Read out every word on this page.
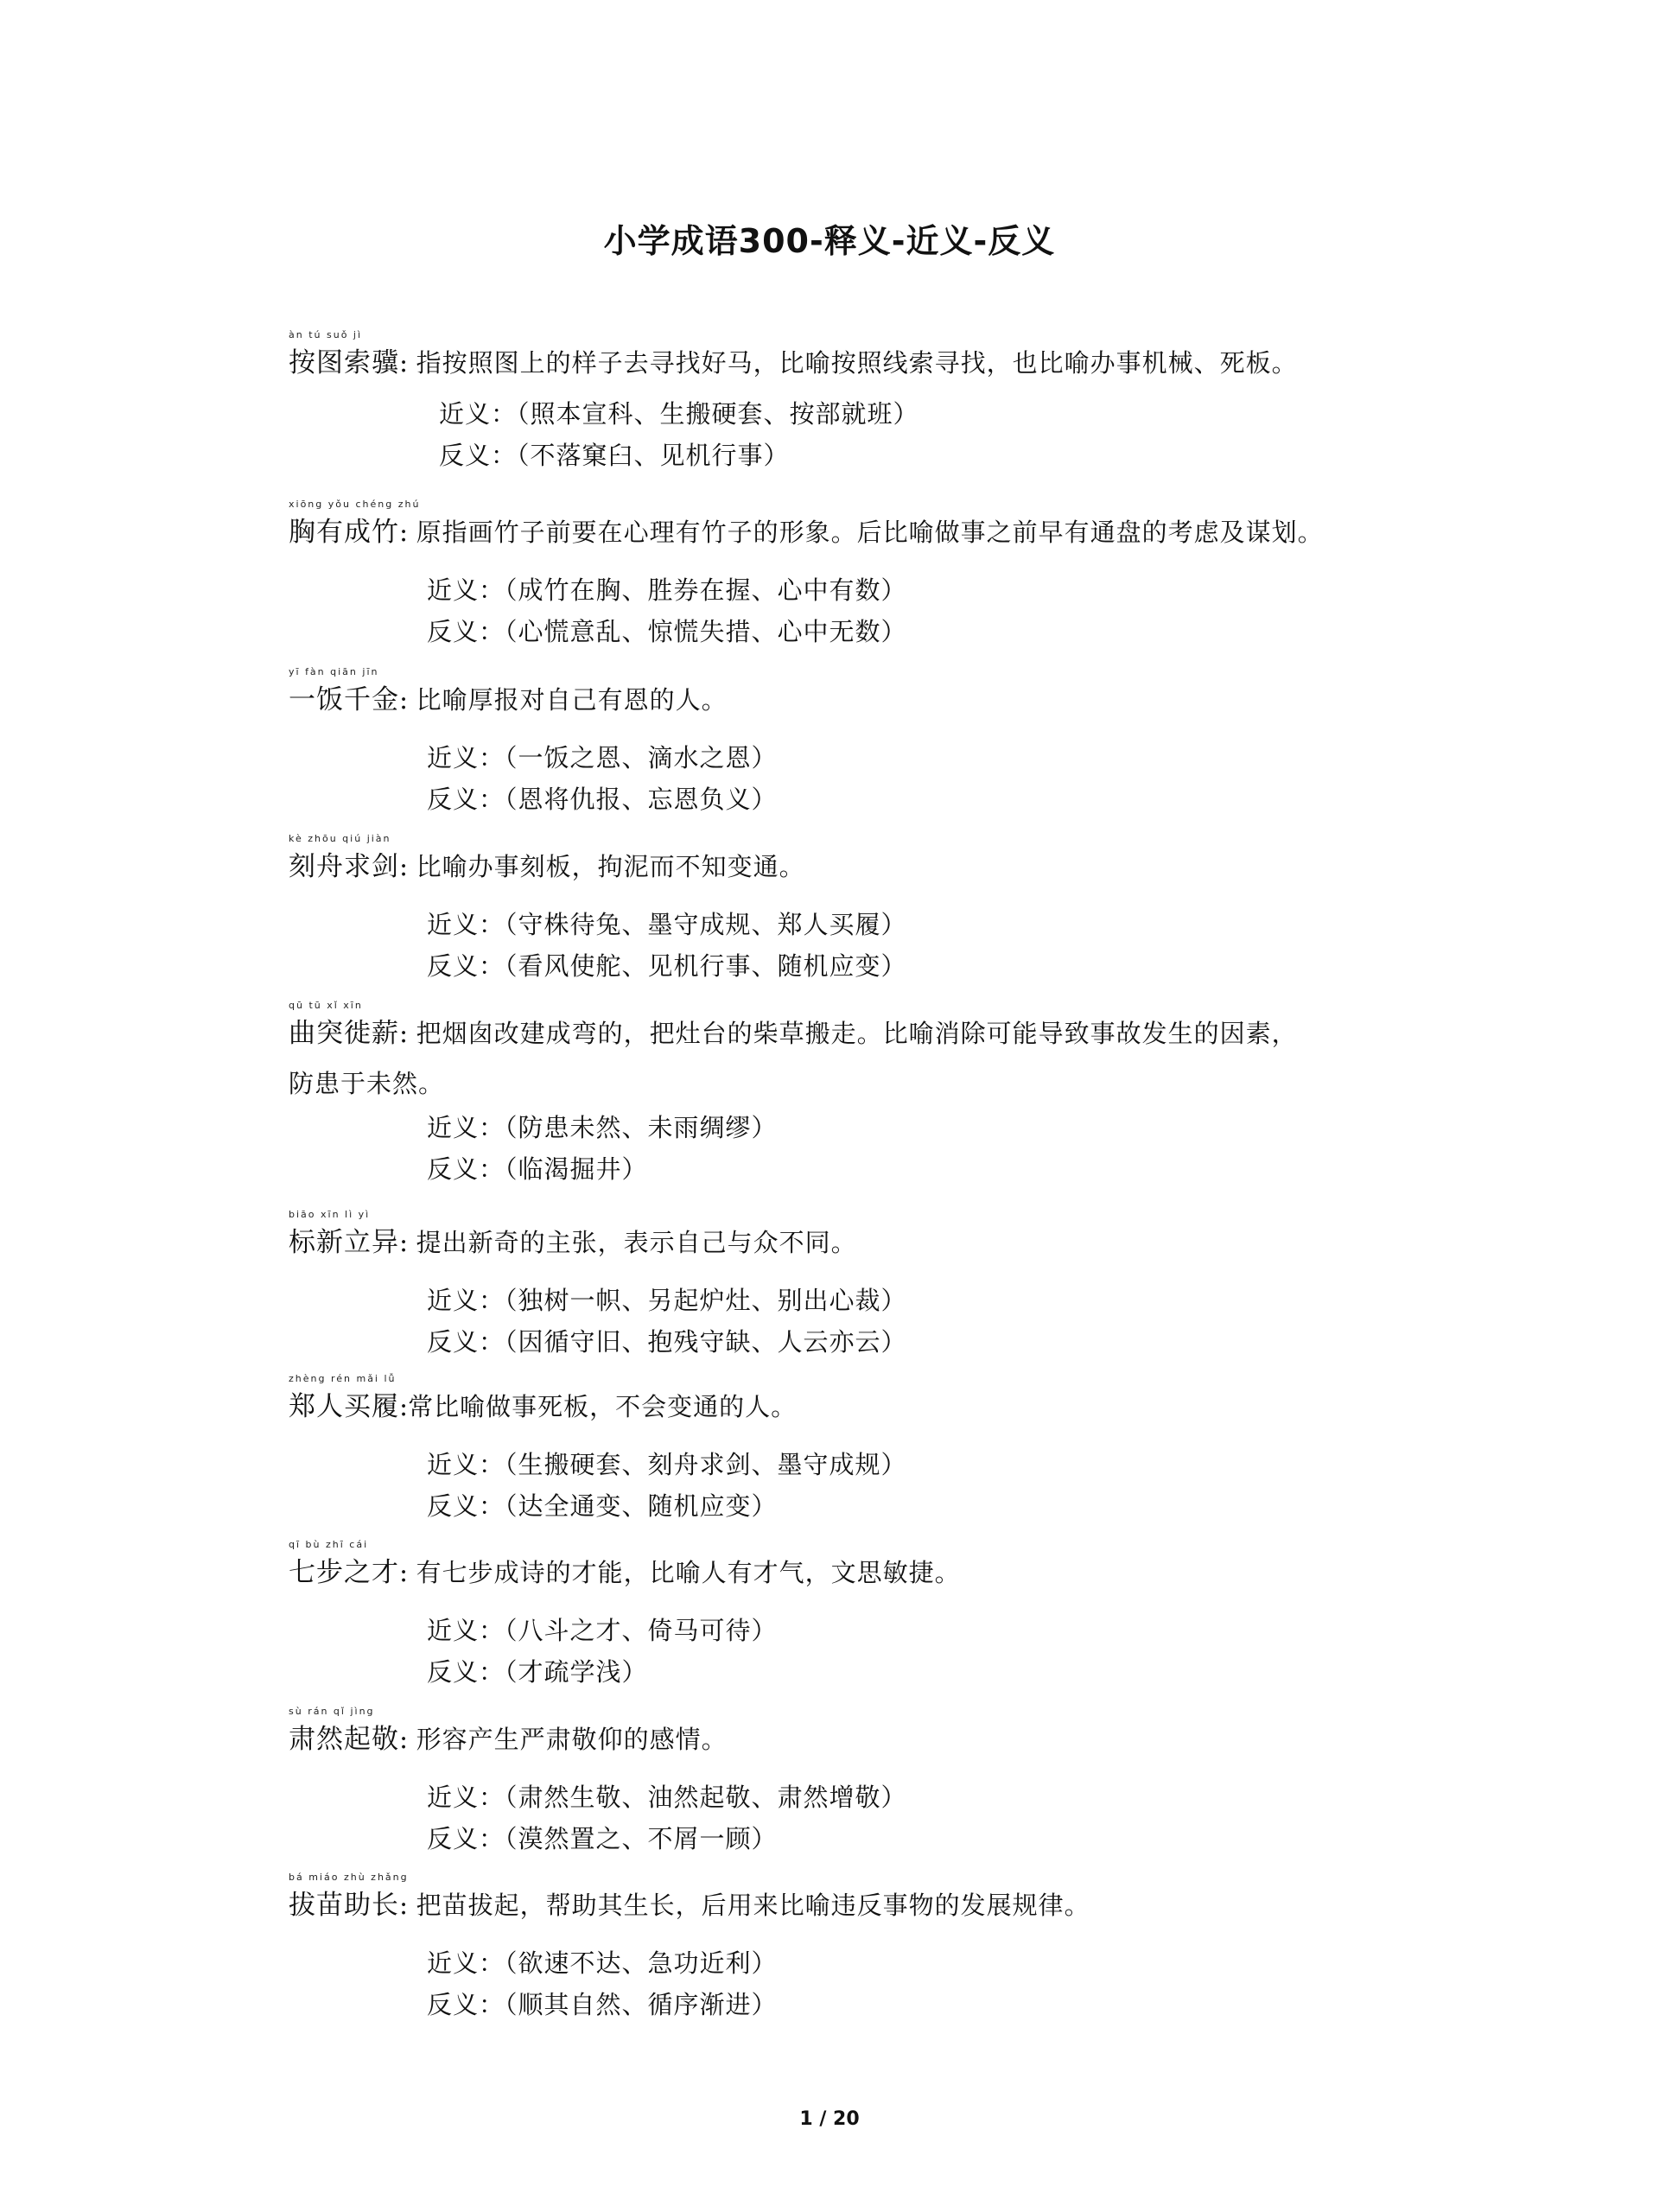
小学成语300-释义-近义-反义
àn tú suǒ jì
按图索骥: 指按照图上的样子去寻找好马，比喻按照线索寻找，也比喻办事机械、死板。
近义：（照本宣科、生搬硬套、按部就班）
反义：（不落窠臼、见机行事）
xiōng yǒu chéng zhú
胸有成竹: 原指画竹子前要在心理有竹子的形象。后比喻做事之前早有通盘的考虑及谋划。
近义：（成竹在胸、胜券在握、心中有数）
反义：（心慌意乱、惊慌失措、心中无数）
yī fàn qiān jīn
一饭千金: 比喻厚报对自己有恩的人。
近义：（一饭之恩、滴水之恩）
反义：（恩将仇报、忘恩负义）
kè zhōu qiú jiàn
刻舟求剑: 比喻办事刻板，拘泥而不知变通。
近义：（守株待兔、墨守成规、郑人买履）
反义：（看风使舵、见机行事、随机应变）
qū tū xǐ xīn
曲突徙薪: 把烟囱改建成弯的，把灶台的柴草搬走。比喻消除可能导致事故发生的因素，
防患于未然。
近义：（防患未然、未雨绸缪）
反义：（临渴掘井）
biāo xīn lì yì
标新立异: 提出新奇的主张，表示自己与众不同。
近义：（独树一帜、另起炉灶、别出心裁）
反义：（因循守旧、抱残守缺、人云亦云）
zhèng rén mǎi lǚ
郑人买履:常比喻做事死板，不会变通的人。
近义：（生搬硬套、刻舟求剑、墨守成规）
反义：（达全通变、随机应变）
qī bù zhī cái
七步之才: 有七步成诗的才能，比喻人有才气，文思敏捷。
近义：（八斗之才、倚马可待）
反义：（才疏学浅）
sù rán qǐ jìng
肃然起敬: 形容产生严肃敬仰的感情。
近义：（肃然生敬、油然起敬、肃然增敬）
反义：（漠然置之、不屑一顾）
bá miáo zhù zhǎng
拔苗助长: 把苗拔起，帮助其生长，后用来比喻违反事物的发展规律。
近义：（欲速不达、急功近利）
反义：（顺其自然、循序渐进）
1 / 20
